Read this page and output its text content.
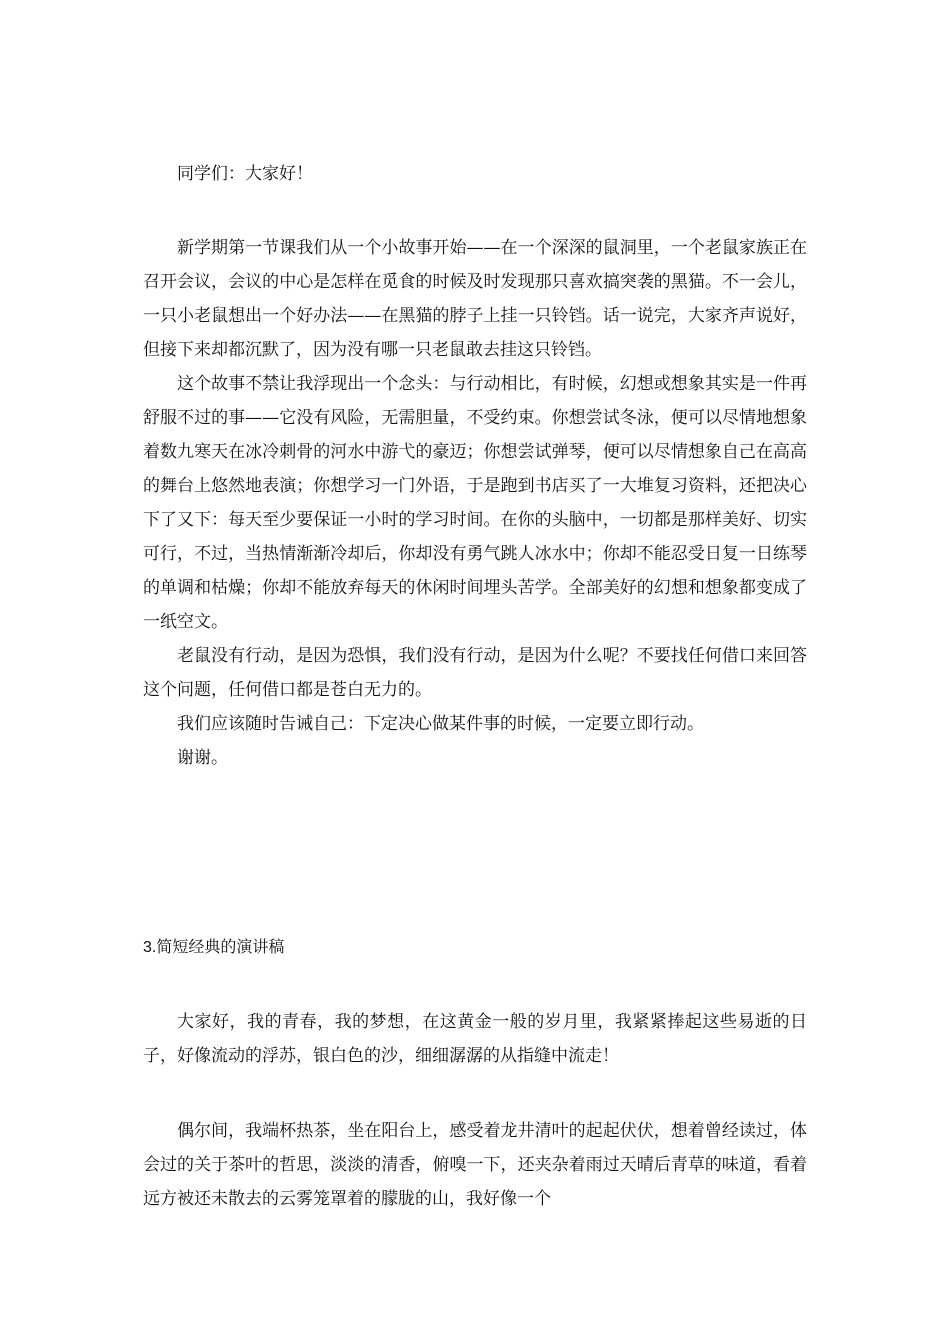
同学们：大家好！

新学期第一节课我们从一个小故事开始——在一个深深的鼠洞里，一个老鼠家族正在召开会议，会议的中心是怎样在觅食的时候及时发现那只喜欢搞突袭的黑猫。不一会儿，一只小老鼠想出一个好办法——在黑猫的脖子上挂一只铃铛。话一说完，大家齐声说好，但接下来却都沉默了，因为没有哪一只老鼠敢去挂这只铃铛。

这个故事不禁让我浮现出一个念头：与行动相比，有时候，幻想或想象其实是一件再舒服不过的事——它没有风险，无需胆量，不受约束。你想尝试冬泳，便可以尽情地想象着数九寒天在冰冷刺骨的河水中游弋的豪迈；你想尝试弹琴，便可以尽情想象自己在高高的舞台上悠然地表演；你想学习一门外语，于是跑到书店买了一大堆复习资料，还把决心下了又下：每天至少要保证一小时的学习时间。在你的头脑中，一切都是那样美好、切实可行，不过，当热情渐渐冷却后，你却没有勇气跳人冰水中；你却不能忍受日复一日练琴的单调和枯燥；你却不能放弃每天的休闲时间埋头苦学。全部美好的幻想和想象都变成了一纸空文。

老鼠没有行动，是因为恐惧，我们没有行动，是因为什么呢？不要找任何借口来回答这个问题，任何借口都是苍白无力的。

我们应该随时告诫自己：下定决心做某件事的时候，一定要立即行动。

谢谢。

3.简短经典的演讲稿

大家好，我的青春，我的梦想，在这黄金一般的岁月里，我紧紧捧起这些易逝的日子，好像流动的浮苏，银白色的沙，细细潺潺的从指缝中流走！

偶尔间，我端杯热茶，坐在阳台上，感受着龙井清叶的起起伏伏，想着曾经读过，体会过的关于茶叶的哲思，淡淡的清香，俯嗅一下，还夹杂着雨过天晴后青草的味道，看着远方被还未散去的云雾笼罩着的朦胧的山，我好像一个
